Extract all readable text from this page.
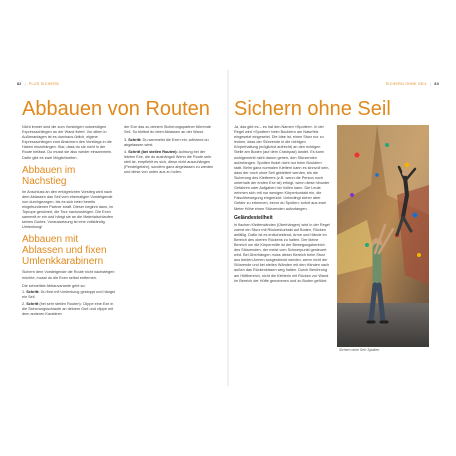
82 | PLUS SICHERN	SICHERN OHNE SEIL | 83
Abbauen von Routen Sichern ohne Seil

Nicht immer sind die zum Vorsteigen notwendigen Expressschlingen an der Wand fixiert. Vor allem in Außenanlagen ist es durchaus üblich, eigene Expressschlingen zum Absichern des Vorstiegs in die Haken einzuhängen. Klar, dass du sie nicht in der Route belässt. Du musst sie also wieder einsammeln. Dafür gibt es zwei Möglichkeiten.

Abbauen im Nachstieg

Im Anschluss an den erfolgreichen Vorstieg wird nach dem Ablassen das Seil vom ehemaligen Vorsteigende nun durchgezogen, bis es sich beim bereits eingebundenen Partner straff. Dieser beginnt dann, im Toprope gesichert, die Tour nachzusteigen. Die Exen sammelt er ein und hängt sie an die Materialschlaufen seines Gurtes. Voraussetzung ist eine vollständig Umlenkung!

Abbauen mit Ablassen und fixen Umlenkkarabinern

Sichern dem Vorsteigende die Route nicht nachsteigen möchte, musst du die Exen selbst entfernen.

Die schnellste Abbauvariante geht so:

1. Schritt: Du fixst mit Umlenkzug gestoppt und hängst ein Seil.
2. Schritt (bei sehr steilen Routen): Clippe eine Exe in die Sicherungsschlaufe an deinem Gurt und clippe mit dem anderen Karabiner

der Exe das zu deinem Sicherungspartner führende Seil. So bleibst du beim Ablassen an der Wand.

3. Schritt: Du sammelst die Exen ein, während du abgelassen wirst.
4. Schritt (bei steilen Routen): Achtung bei der letzten Exe, die du aushängst! Wenn die Route sehr steil ist, empfiehlt es sich, diese nicht auszuhängen (Pendelgefahr), sondern ganz abgelassen zu werden und diese von unten aus zu holen.

Ja, das gibt es – es hat den Namen »Spotten«. In der Regel wird »Spotten« beim Bouldern am Naturfels eingesetzt eingesetzt. Die Idee ist, einen Sturz nur zu lenken, dass der Stürzende in die richtigen Körperhaltung (möglichst aufrecht) an den richtigen Stelle am Boden (auf dem Crashpad) landet. Es kann wohlgemerkt nicht darum gehen, den Stürzenden aufzufangen. Spotten findet nicht nur beim Bouldern statt. Beim ganz normalen Klettern kann es sinnvoll sein, dass der noch ohne Seil geklettert werden, bis die Sicherung des Kletterers (z.B. wenn die Person noch unterhalb der ersten Exe ist) erfolgt, wenn diese hinunter Gefahren oder Aufgaben hin Vollen kann. Die Leute nehmen sich mit nur wenigen Körperkontakt ein, die Falschbewegung eingerückt. Unbedingt sicher aber Gefahr zu erkennen, bevor du Spotten: sofort aus zwei Meter Höhe einen Stürzenden aufzufangen.

Geländesteilheit

In flachen Kletterwänden (Überhängen) wird in der Regel zuerst ein Sturz mit Rückenkontakt auf Boden, Rücken anfällig. Dafür ist es entscheidend, Arme und Hände im Bereich des oberen Rückens zu halten. Der kleine Bereich um die Körpermitte ist der Bewegungsbereich des Stürzenden, der meist vom Schwerpunkt gesteuert wird. Bei Überhängen muss dieser Bereich beim Sturz aus beiden Armen ausgestreckt werden, wenn nicht der Stürzende und bei steilen Wänden mit den Händen nach außen das Rückenkissen weg halten. Durch Berührung am Hüftbereich, nicht die Kletterin mit Rücken zur Wand. Im Bereich der Hüfte genommen und zu Boden geführt.

Sichern ohne Seil: Spotten.
